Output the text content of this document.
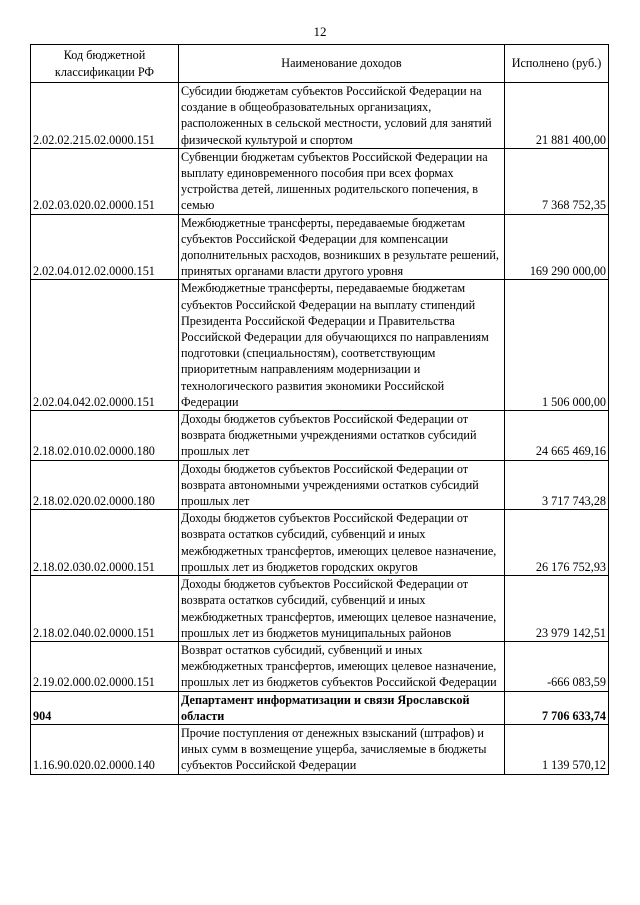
12
Код бюджетной классификации РФ	Наименование доходов	Исполнено (руб.)
2.02.02.215.02.0000.151	Субсидии бюджетам субъектов Российской Федерации на создание в общеобразовательных организациях, расположенных в сельской местности, условий для занятий физической культурой и спортом	21 881 400,00
2.02.03.020.02.0000.151	Субвенции бюджетам субъектов Российской Федерации на выплату единовременного пособия при всех формах устройства детей, лишенных родительского попечения, в семью	7 368 752,35
2.02.04.012.02.0000.151	Межбюджетные трансферты, передаваемые бюджетам субъектов Российской Федерации для компенсации дополнительных расходов, возникших в результате решений, принятых органами власти другого уровня	169 290 000,00
2.02.04.042.02.0000.151	Межбюджетные трансферты, передаваемые бюджетам субъектов Российской Федерации на выплату стипендий Президента Российской Федерации и Правительства Российской Федерации для обучающихся по направлениям подготовки (специальностям), соответствующим приоритетным направлениям модернизации и технологического развития экономики Российской Федерации	1 506 000,00
2.18.02.010.02.0000.180	Доходы бюджетов субъектов Российской Федерации от возврата бюджетными учреждениями остатков субсидий прошлых лет	24 665 469,16
2.18.02.020.02.0000.180	Доходы бюджетов субъектов Российской Федерации от возврата автономными учреждениями остатков субсидий прошлых лет	3 717 743,28
2.18.02.030.02.0000.151	Доходы бюджетов субъектов Российской Федерации от возврата остатков субсидий, субвенций и иных межбюджетных трансфертов, имеющих целевое назначение, прошлых лет из бюджетов городских округов	26 176 752,93
2.18.02.040.02.0000.151	Доходы бюджетов субъектов Российской Федерации от возврата остатков субсидий, субвенций и иных межбюджетных трансфертов, имеющих целевое назначение, прошлых лет из бюджетов муниципальных районов	23 979 142,51
2.19.02.000.02.0000.151	Возврат остатков субсидий, субвенций и иных межбюджетных трансфертов, имеющих целевое назначение, прошлых лет из бюджетов субъектов Российской Федерации	-666 083,59
904	Департамент информатизации и связи Ярославской области	7 706 633,74
1.16.90.020.02.0000.140	Прочие поступления от денежных взысканий (штрафов) и иных сумм в возмещение ущерба, зачисляемые в бюджеты субъектов Российской Федерации	1 139 570,12
